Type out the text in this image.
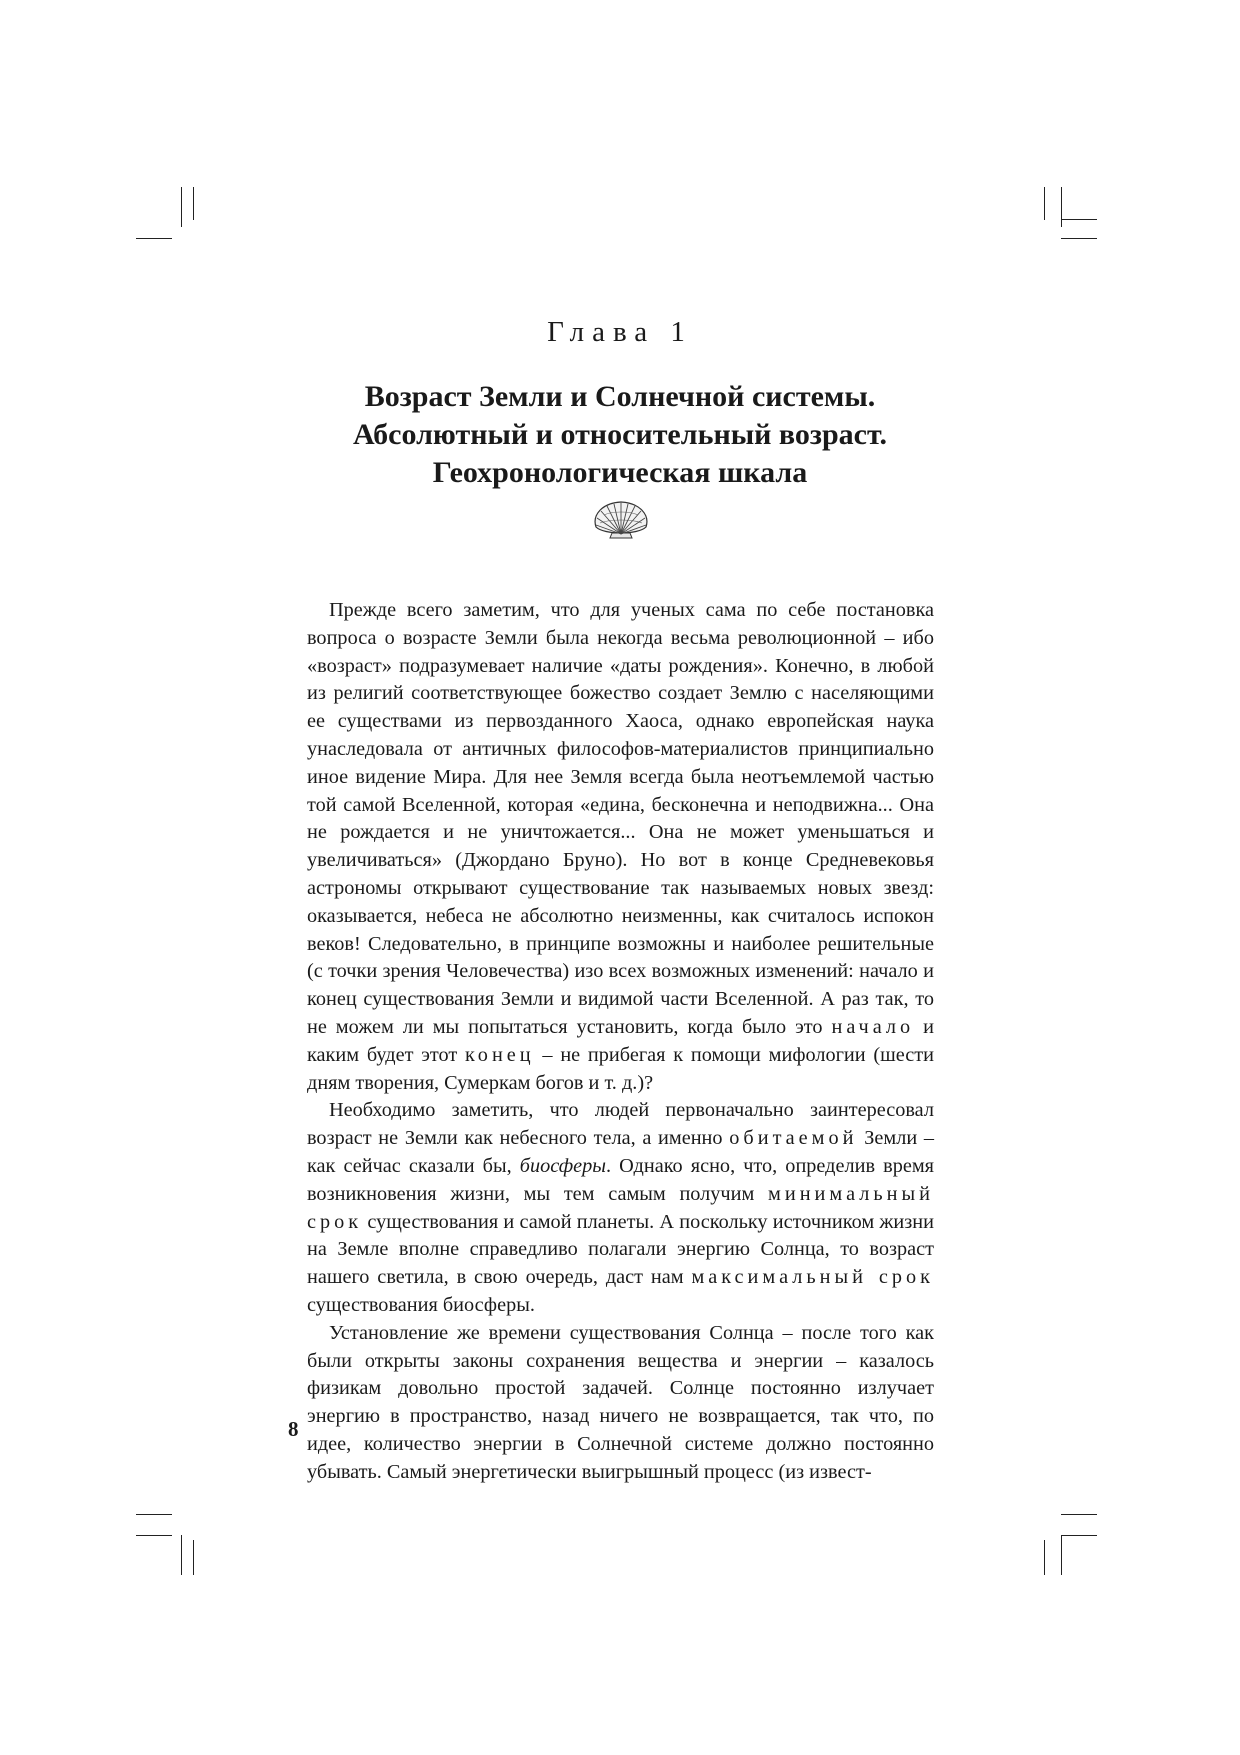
Глава 1
Возраст Земли и Солнечной системы.
Абсолютный и относительный возраст.
Геохронологическая шкала

Прежде всего заметим, что для ученых сама по себе постановка вопроса о возрасте Земли была некогда весьма революционной – ибо «возраст» подразумевает наличие «даты рождения». Конечно, в любой из религий соответствующее божество создает Землю с населяющими ее существами из первозданного Хаоса, однако европейская наука унаследовала от античных философов-материалистов принципиально иное видение Мира. Для нее Земля всегда была неотъемлемой частью той самой Вселенной, которая «едина, бесконечна и неподвижна... Она не рождается и не уничтожается... Она не может уменьшаться и увеличиваться» (Джордано Бруно). Но вот в конце Средневековья астрономы открывают существование так называемых новых звезд: оказывается, небеса не абсолютно неизменны, как считалось испокон веков! Следовательно, в принципе возможны и наиболее решительные (с точки зрения Человечества) изо всех возможных изменений: начало и конец существования Земли и видимой части Вселенной. А раз так, то не можем ли мы попытаться установить, когда было это начало и каким будет этот конец – не прибегая к помощи мифологии (шести дням творения, Сумеркам богов и т. д.)?

Необходимо заметить, что людей первоначально заинтересовал возраст не Земли как небесного тела, а именно обитаемой Земли – как сейчас сказали бы, биосферы. Однако ясно, что, определив время возникновения жизни, мы тем самым получим минимальный срок существования и самой планеты. А поскольку источником жизни на Земле вполне справедливо полагали энергию Солнца, то возраст нашего светила, в свою очередь, даст нам максимальный срок существования биосферы.

Установление же времени существования Солнца – после того как были открыты законы сохранения вещества и энергии – казалось физикам довольно простой задачей. Солнце постоянно излучает энергию в пространство, назад ничего не возвращается, так что, по идее, количество энергии в Солнечной системе должно постоянно убывать. Самый энергетически выигрышный процесс (из извест-

8
